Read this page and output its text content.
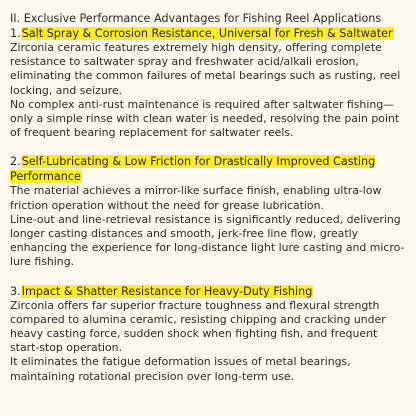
II. Exclusive Performance Advantages for Fishing Reel Applications
1.Salt Spray & Corrosion Resistance, Universal for Fresh & Saltwater

Zirconia ceramic features extremely high density, offering complete resistance to saltwater spray and freshwater acid/alkali erosion, eliminating the common failures of metal bearings such as rusting, reel locking, and seizure.

No complex anti-rust maintenance is required after saltwater fishing—only a simple rinse with clean water is needed, resolving the pain point of frequent bearing replacement for saltwater reels.

2.Self-Lubricating & Low Friction for Drastically Improved Casting Performance

The material achieves a mirror-like surface finish, enabling ultra-low friction operation without the need for grease lubrication.

Line-out and line-retrieval resistance is significantly reduced, delivering longer casting distances and smooth, jerk-free line flow, greatly enhancing the experience for long-distance light lure casting and micro-lure fishing.

3.Impact & Shatter Resistance for Heavy-Duty Fishing

Zirconia offers far superior fracture toughness and flexural strength compared to alumina ceramic, resisting chipping and cracking under heavy casting force, sudden shock when fighting fish, and frequent start-stop operation.

It eliminates the fatigue deformation issues of metal bearings, maintaining rotational precision over long-term use.
